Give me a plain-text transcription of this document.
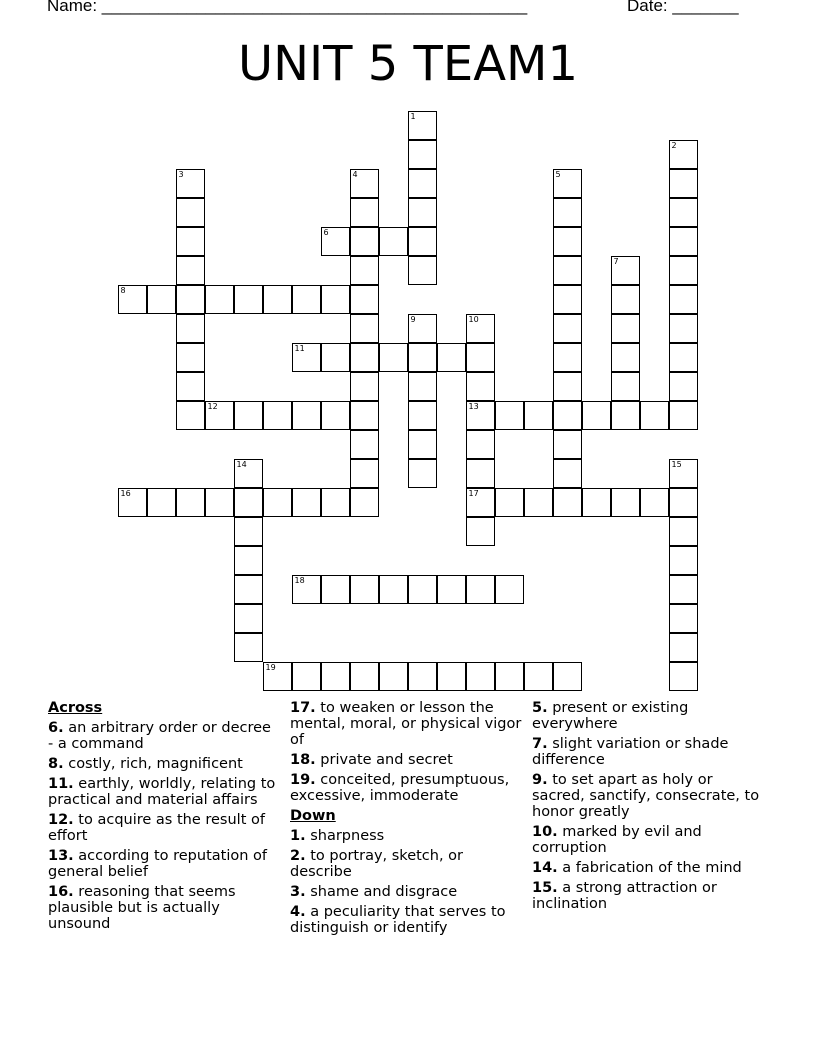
Name: _____________________________________________	Date: _______
UNIT 5 TEAM1
1
2
3	4	5
6
7
8
9	10
13
17
11
12
14	15
16
18
19
Across
6. an arbitrary order or decree - a command
8. costly, rich, magnificent
11. earthly, worldly, relating to practical and material affairs
12. to acquire as the result of effort
13. according to reputation of general belief
16. reasoning that seems plausible but is actually unsound
17. to weaken or lesson the mental, moral, or physical vigor of
18. private and secret
19. conceited, presumptuous, excessive, immoderate
Down
1. sharpness
2. to portray, sketch, or describe
3. shame and disgrace
4. a peculiarity that serves to distinguish or identify
5. present or existing everywhere
7. slight variation or shade difference
9. to set apart as holy or sacred, sanctify, consecrate, to honor greatly
10. marked by evil and corruption
14. a fabrication of the mind
15. a strong attraction or inclination
